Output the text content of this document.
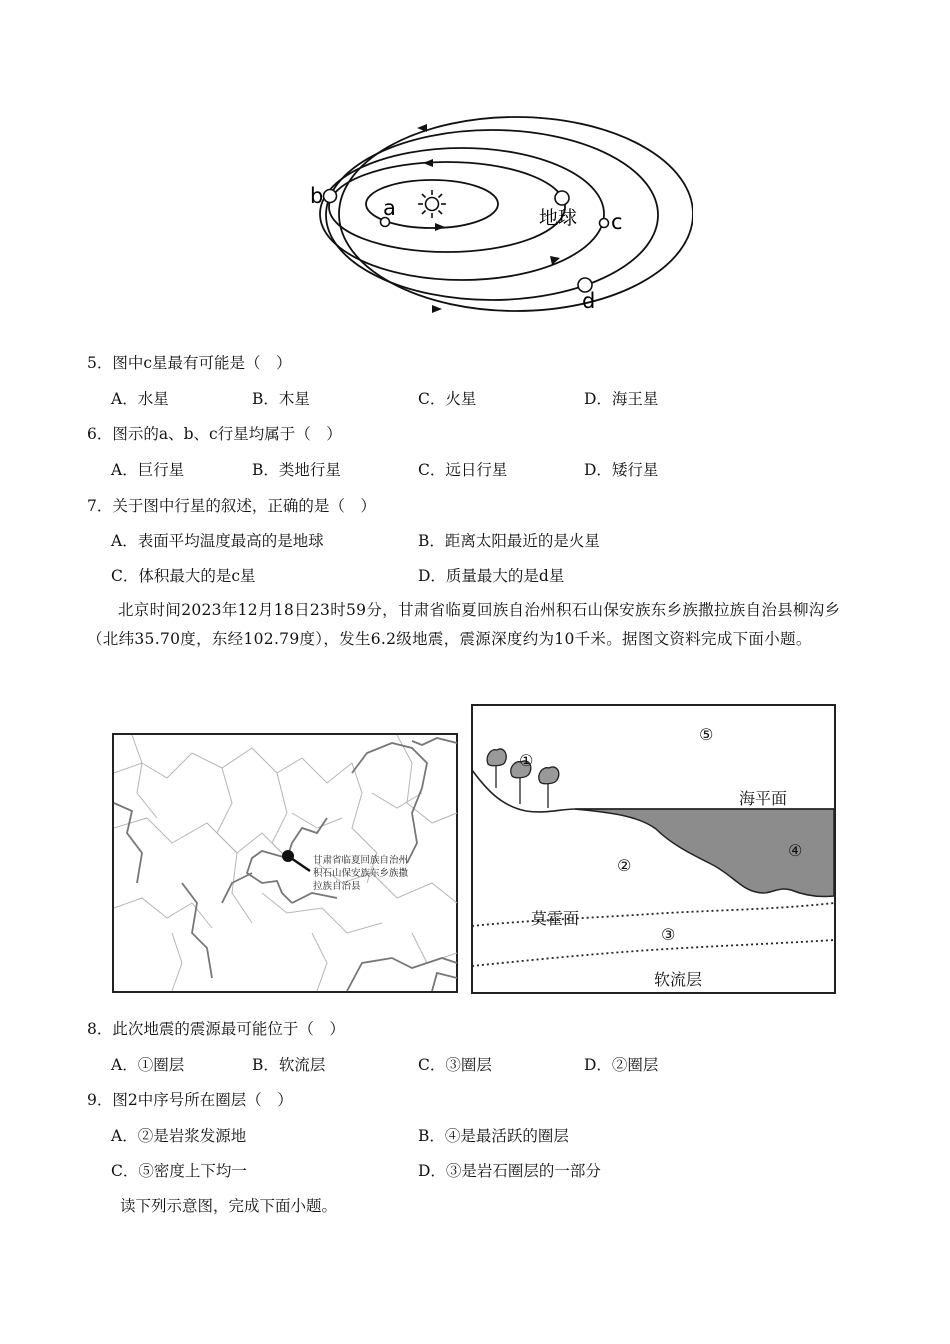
a
b
地球 c
d
5．图中c星最有可能是（　）
A．水星	B．木星	C．火星	D．海王星
6．图示的a、b、c行星均属于（　）
A．巨行星	B．类地行星	C．远日行星	D．矮行星
7．关于图中行星的叙述，正确的是（　）
A．表面平均温度最高的是地球	B．距离太阳最近的是火星
C．体积最大的是c星	D．质量最大的是d星
北京时间2023年12月18日23时59分，甘肃省临夏回族自治州积石山保安族东乡族撒拉族自治县柳沟乡（北纬35.70度，东经102.79度），发生6.2级地震，震源深度约为10千米。据图文资料完成下面小题。
甘肃省临夏回族自治州
积石山保安族东乡族撒
拉族自治县
①
⑤
④
②
③
海平面
莫霍面
软流层
8．此次地震的震源最可能位于（　）
A．①圈层	B．软流层	C．③圈层	D．②圈层
9．图2中序号所在圈层（　）
A．②是岩浆发源地	B．④是最活跃的圈层
C．⑤密度上下均一	D．③是岩石圈层的一部分
读下列示意图，完成下面小题。
